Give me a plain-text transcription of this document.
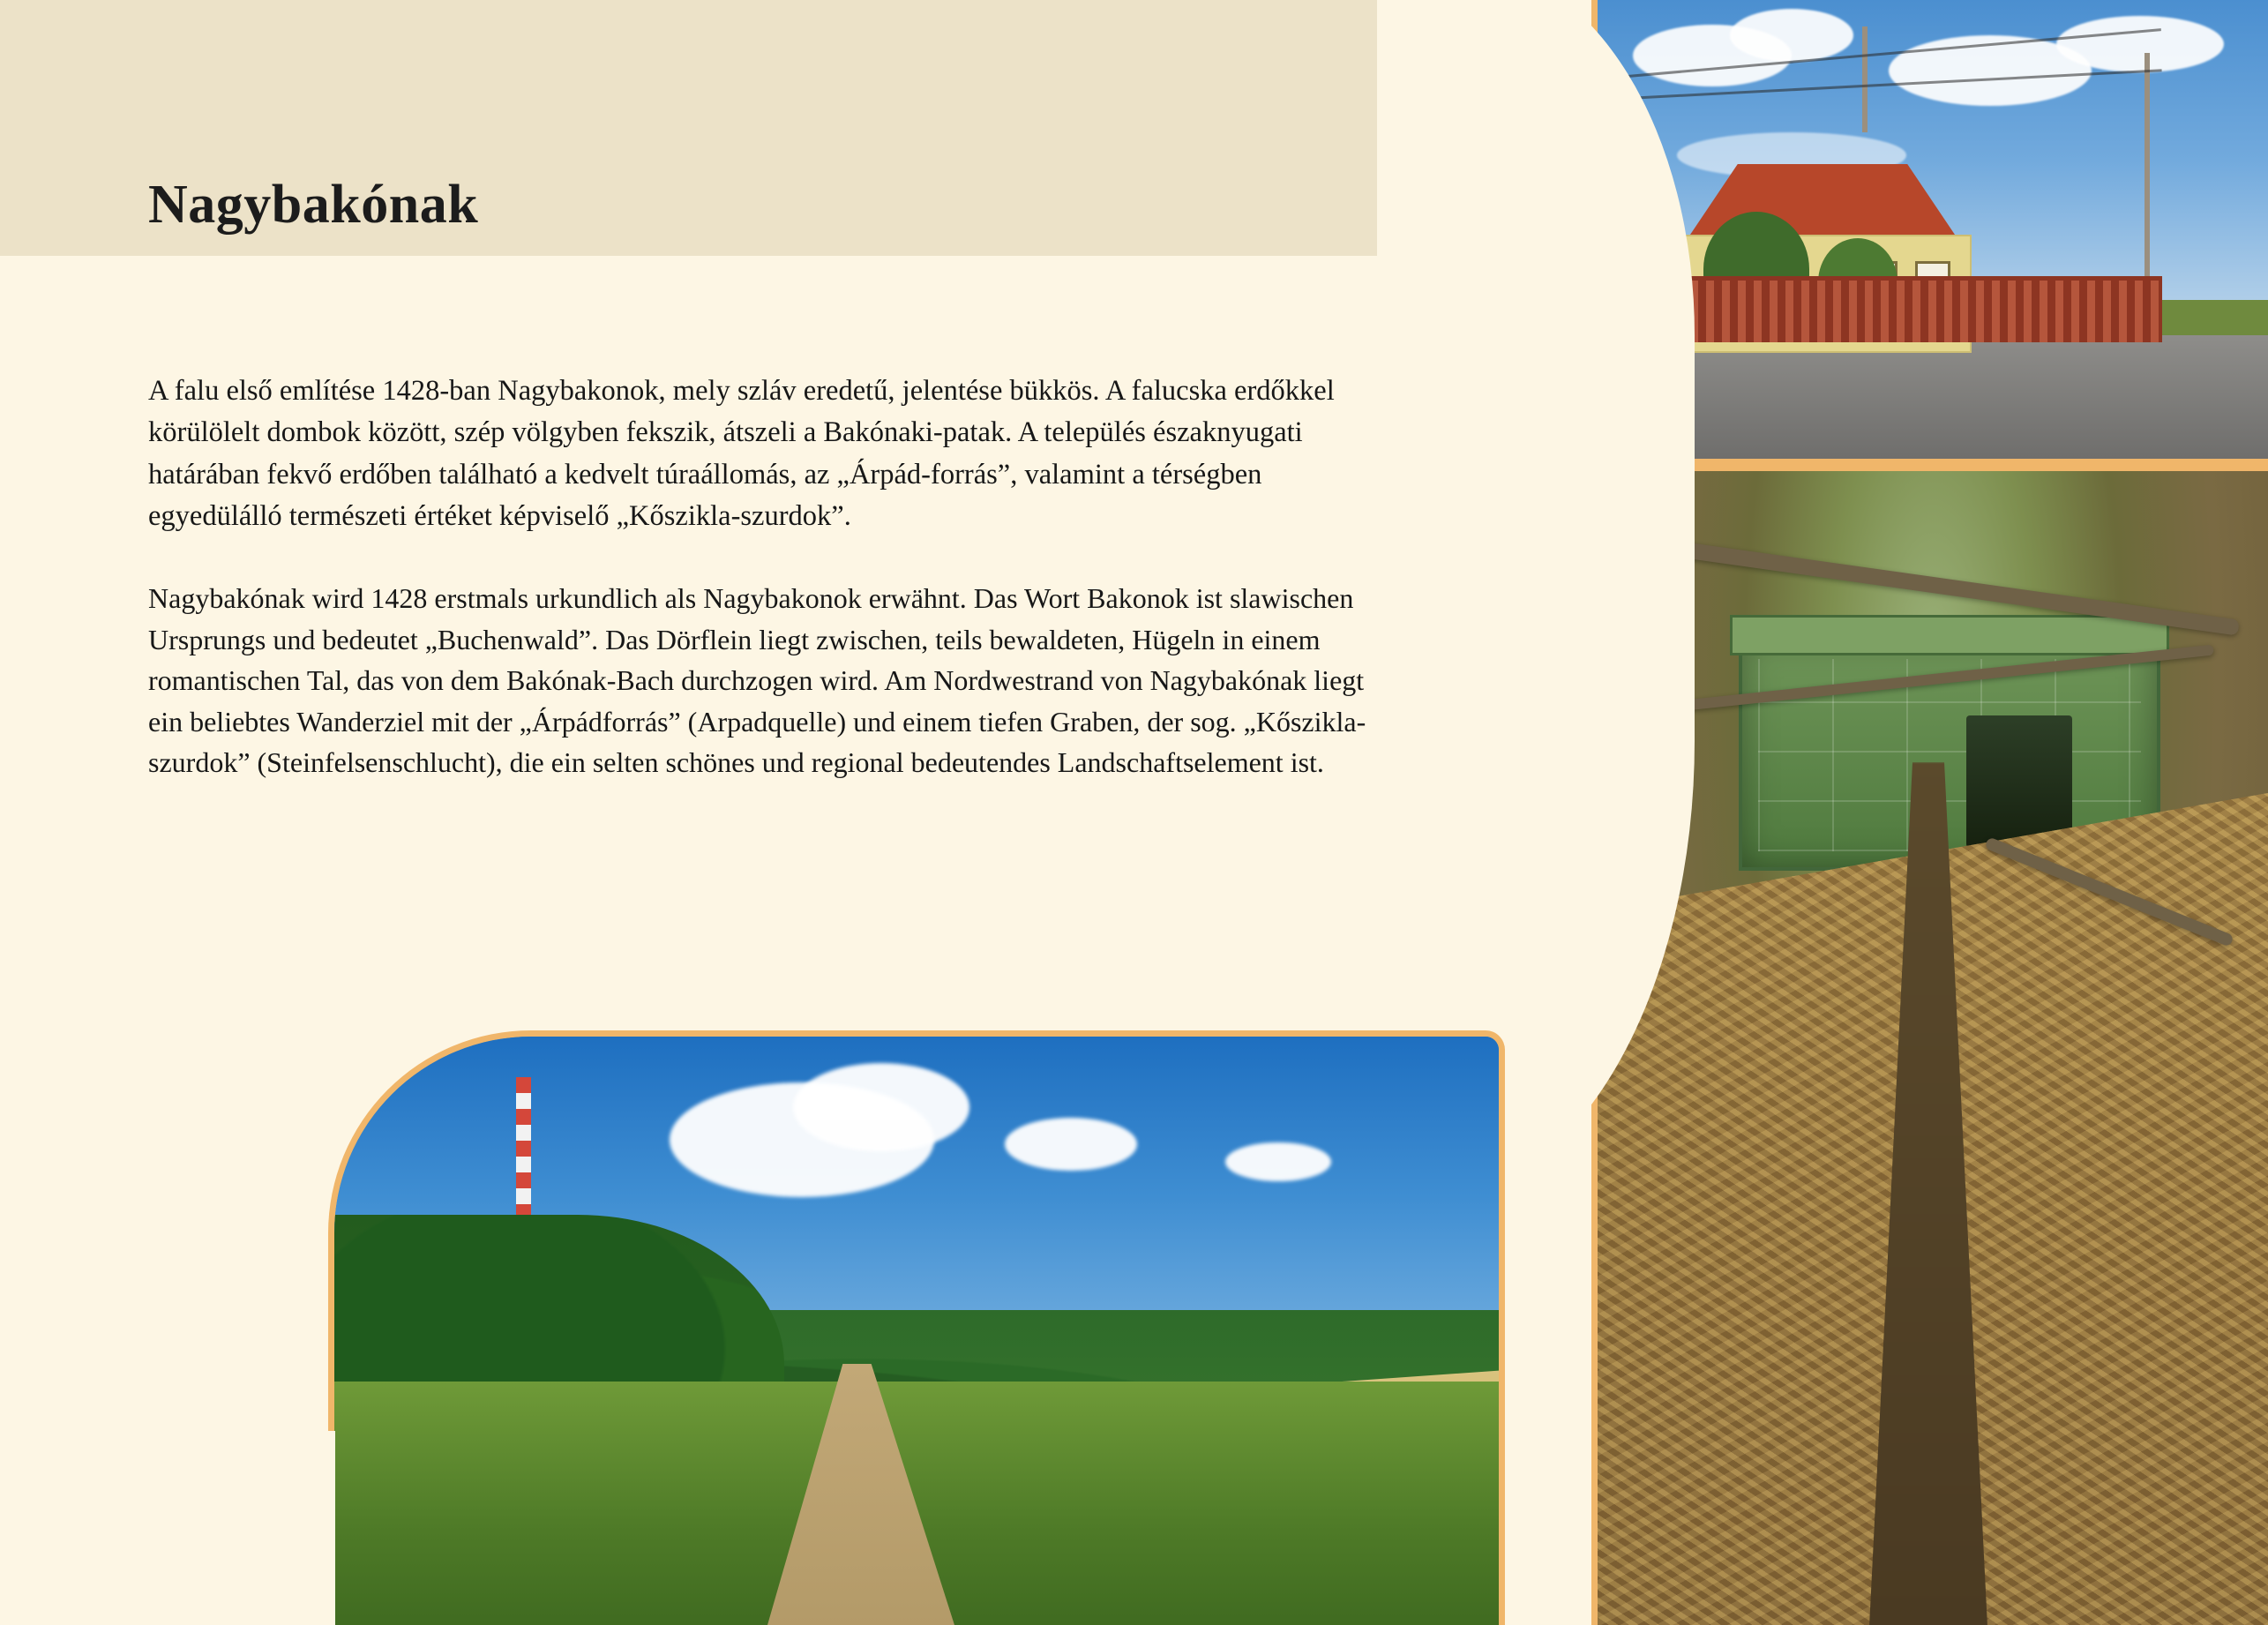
Nagybakónak

A falu első említése 1428-ban Nagybakonok, mely szláv eredetű, jelentése bükkös. A falucska erdőkkel körülölelt dombok között, szép völgyben fekszik, átszeli a Bakónaki-patak. A település északnyugati határában fekvő erdőben található a kedvelt túraállomás, az „Árpád-forrás”, valamint a térségben egyedülálló természeti értéket képviselő „Kőszikla-szurdok”.

Nagybakónak wird 1428 erstmals urkundlich als Nagybakonok erwähnt. Das Wort Bakonok ist slawischen Ursprungs und bedeutet „Buchenwald”. Das Dörflein liegt zwischen, teils bewaldeten, Hügeln in einem romantischen Tal, das von dem Bakónak-Bach durchzogen wird. Am Nordwestrand von Nagybakónak liegt ein beliebtes Wanderziel mit der „Árpádforrás” (Arpadquelle) und einem tiefen Graben, der sog. „Kőszikla-szurdok” (Steinfelsenschlucht), die ein selten schönes und regional bedeutendes Landschaftselement ist.
